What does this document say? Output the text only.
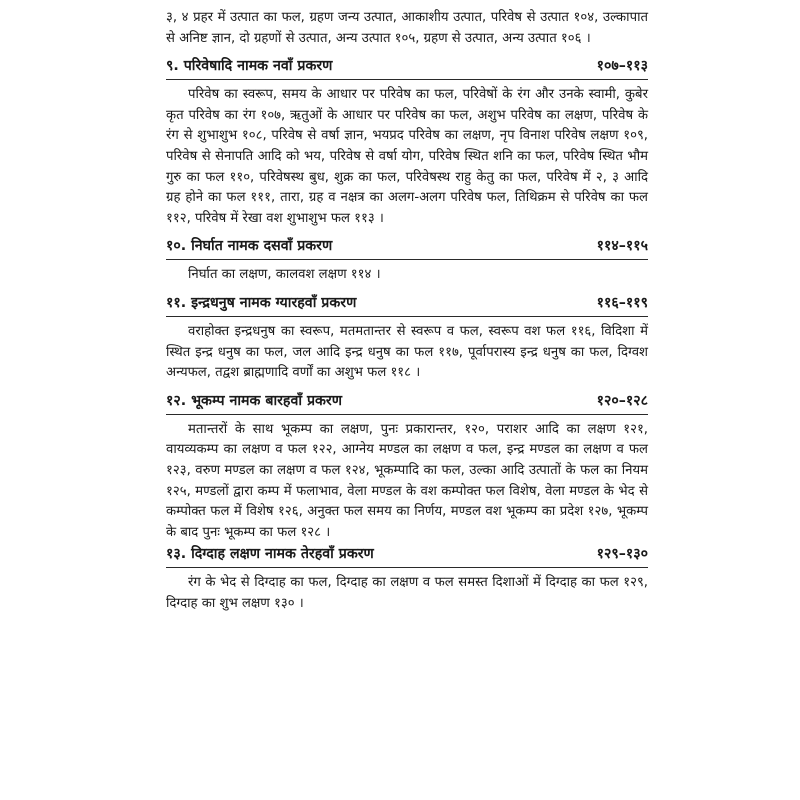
३, ४ प्रहर में उत्पात का फल, ग्रहण जन्य उत्पात, आकाशीय उत्पात, परिवेष से उत्पात १०४, उल्कापात से अनिष्ट ज्ञान, दो ग्रहणों से उत्पात, अन्य उत्पात १०५, ग्रहण से उत्पात, अन्य उत्पात १०६ ।

९. परिवेषादि नामक नवाँ प्रकरण	१०७–११३

परिवेष का स्वरूप, समय के आधार पर परिवेष का फल, परिवेषों के रंग और उनके स्वामी, कुबेर कृत परिवेष का रंग १०७, ऋतुओं के आधार पर परिवेष का फल, अशुभ परिवेष का लक्षण, परिवेष के रंग से शुभाशुभ १०८, परिवेष से वर्षा ज्ञान, भयप्रद परिवेष का लक्षण, नृप विनाश परिवेष लक्षण १०९, परिवेष से सेनापति आदि को भय, परिवेष से वर्षा योग, परिवेष स्थित शनि का फल, परिवेष स्थित भौम गुरु का फल ११०, परिवेषस्थ बुध, शुक्र का फल, परिवेषस्थ राहु केतु का फल, परिवेष में २, ३ आदि ग्रह होने का फल १११, तारा, ग्रह व नक्षत्र का अलग-अलग परिवेष फल, तिथिक्रम से परिवेष का फल ११२, परिवेष में रेखा वश शुभाशुभ फल ११३ ।

१०. निर्घात नामक दसवाँ प्रकरण	११४–११५

निर्घात का लक्षण, कालवश लक्षण ११४ ।

११. इन्द्रधनुष नामक ग्यारहवाँ प्रकरण	११६–११९

वराहोक्त इन्द्रधनुष का स्वरूप, मतमतान्तर से स्वरूप व फल, स्वरूप वश फल ११६, विदिशा में स्थित इन्द्र धनुष का फल, जल आदि इन्द्र धनुष का फल ११७, पूर्वापरास्य इन्द्र धनुष का फल, दिग्वश अन्यफल, तद्वश ब्राह्मणादि वर्णों का अशुभ फल ११८ ।

१२. भूकम्प नामक बारहवाँ प्रकरण	१२०–१२८

मतान्तरों के साथ भूकम्प का लक्षण, पुनः प्रकारान्तर, १२०, पराशर आदि का लक्षण १२१, वायव्यकम्प का लक्षण व फल १२२, आग्नेय मण्डल का लक्षण व फल, इन्द्र मण्डल का लक्षण व फल १२३, वरुण मण्डल का लक्षण व फल १२४, भूकम्पादि का फल, उल्का आदि उत्पातों के फल का नियम १२५, मण्डलों द्वारा कम्प में फलाभाव, वेला मण्डल के वश कम्पोक्त फल विशेष, वेला मण्डल के भेद से कम्पोक्त फल में विशेष १२६, अनुक्त फल समय का निर्णय, मण्डल वश भूकम्प का प्रदेश १२७, भूकम्प के बाद पुनः भूकम्प का फल १२८ ।

१३. दिग्दाह लक्षण नामक तेरहवाँ प्रकरण	१२९–१३०

रंग के भेद से दिग्दाह का फल, दिग्दाह का लक्षण व फल समस्त दिशाओं में दिग्दाह का फल १२९, दिग्दाह का शुभ लक्षण १३० ।
